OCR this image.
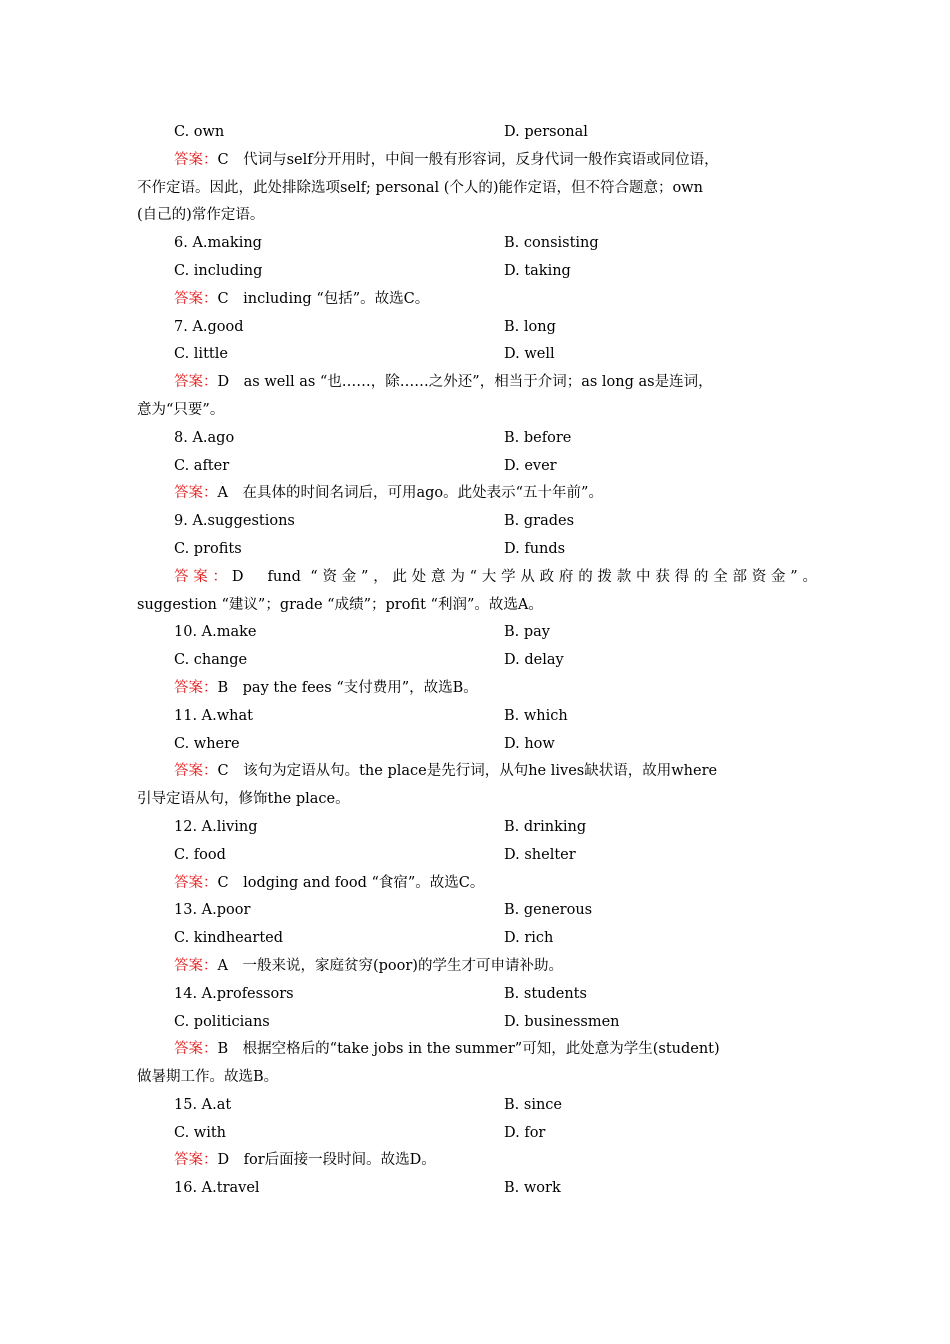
C. own	D. personal
答案：C　代词与self分开用时，中间一般有形容词，反身代词一般作宾语或同位语，
不作定语。因此，此处排除选项self; personal (个人的)能作定语，但不符合题意；own
(自己的)常作定语。
6. A.making	B. consisting
C. including	D. taking
答案：C　including “包括”。故选C。
7. A.good	B. long
C. little	D. well
答案：D　as well as “也……，除……之外还”，相当于介词；as long as是连词，
意为“只要”。
8. A.ago	B. before
C. after	D. ever
答案：A　在具体的时间名词后，可用ago。此处表示“五十年前”。
9. A.suggestions	B. grades
C. profits	D. funds
答案：D　fund “资金”，此处意为“大学从政府的拨款中获得的全部资金”。
suggestion “建议”；grade “成绩”；profit “利润”。故选A。
10. A.make	B. pay
C. change	D. delay
答案：B　pay the fees “支付费用”，故选B。
11. A.what	B. which
C. where	D. how
答案：C　该句为定语从句。the place是先行词，从句he lives缺状语，故用where
引导定语从句，修饰the place。
12. A.living	B. drinking
C. food	D. shelter
答案：C　lodging and food “食宿”。故选C。
13. A.poor	B. generous
C. kindhearted	D. rich
答案：A　一般来说，家庭贫穷(poor)的学生才可申请补助。
14. A.professors	B. students
C. politicians	D. businessmen
答案：B　根据空格后的“take jobs in the summer”可知，此处意为学生(student)
做暑期工作。故选B。
15. A.at	B. since
C. with	D. for
答案：D　for后面接一段时间。故选D。
16. A.travel	B. work
